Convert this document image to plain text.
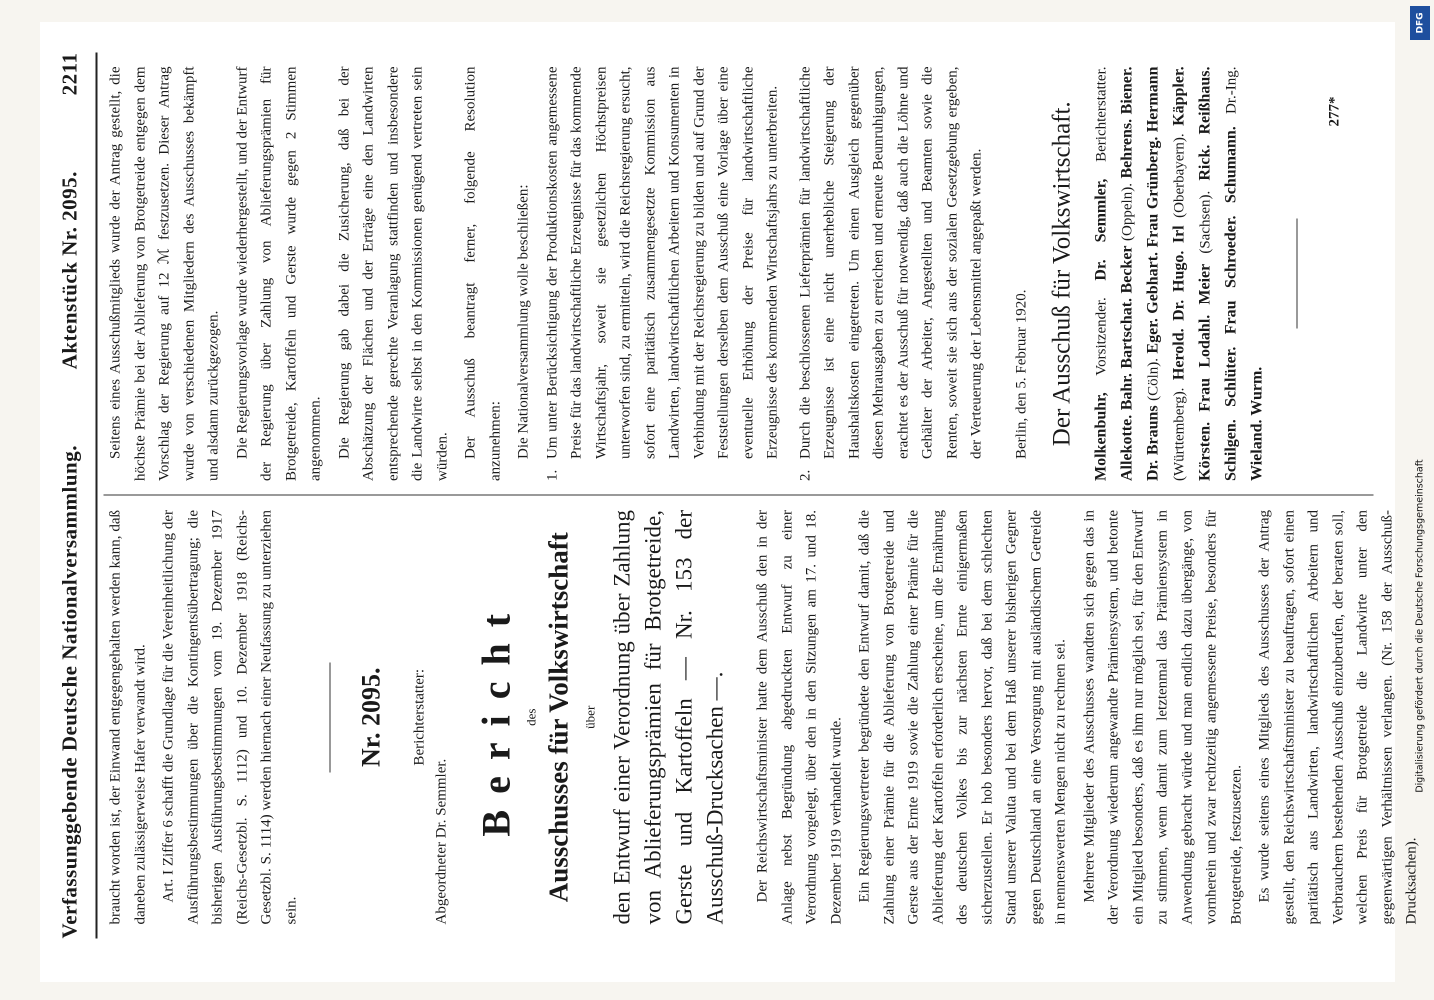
Verfassunggebende Deutsche Nationalversammlung.
Aktenstück Nr. 2095.
2211

braucht worden ist, der Einwand entgegengehalten werden kann, daß daneben zulässigerweise Hafer verwandt wird. Art. I Ziffer 6 schafft die Grundlage für die Vereinheitlichung der Ausführungsbestimmungen über die Kontingentsübertragung; die bisherigen Ausführungsbestimmungen vom 19. Dezember 1917 (Reichs-Gesetzbl. S. 1112) und 10. Dezember 1918 (Reichs-Gesetzbl. S. 1114) werden hiernach einer Neufassung zu unterziehen sein.

Nr. 2095. Berichterstatter:
Abgeordneter Dr. Semmler.
Bericht des Ausschusses für Volkswirtschaft über den Entwurf einer Verordnung über Zahlung von Ablieferungsprämien für Brotgetreide, Gerste und Kartoffeln — Nr. 153 der Ausschuß-Drucksachen —. Der Reichswirtschaftsminister hatte dem Ausschuß den in der Anlage nebst Begründung abgedruckten Entwurf zu einer Verordnung vorgelegt, über den in den Sitzungen am 17. und 18. Dezember 1919 verhandelt wurde. Ein Regierungsvertreter begründete den Entwurf damit, daß die Zahlung einer Prämie für die Ablieferung von Brotgetreide und Gerste aus der Ernte 1919 sowie die Zahlung einer Prämie für die Ablieferung der Kartoffeln erforderlich erscheine, um die Ernährung des deutschen Volkes bis zur nächsten Ernte einigermaßen sicherzustellen. Er hob besonders hervor, daß bei dem schlechten Stand unserer Valuta und bei dem Haß unserer bisherigen Gegner gegen Deutschland an eine Versorgung mit ausländischem Getreide in nennenswerten Mengen nicht zu rechnen sei. Mehrere Mitglieder des Ausschusses wandten sich gegen das in der Verordnung wiederum angewandte Prämiensystem, und betonte ein Mitglied besonders, daß es ihm nur möglich sei, für den Entwurf zu stimmen, wenn damit zum letztenmal das Prämiensystem in Anwendung gebracht würde und man endlich dazu übergänge, von vornherein und zwar rechtzeitig angemessene Preise, besonders für Brotgetreide, festzusetzen. Es wurde seitens eines Mitglieds des Ausschusses der Antrag gestellt, den Reichswirtschaftsminister zu beauftragen, sofort einen paritätisch aus Landwirten, landwirtschaftlichen Arbeitern und Verbrauchern bestehenden Ausschuß einzuberufen, der beraten soll, welchen Preis für Brotgetreide die Landwirte unter den gegenwärtigen Verhältnissen verlangen. (Nr. 158 der Ausschuß-Drucksachen).

Seitens eines Ausschußmitglieds wurde der Antrag gestellt, die höchste Prämie bei der Ablieferung von Brotgetreide entgegen dem Vorschlag der Regierung auf 12 ℳ festzusetzen. Dieser Antrag wurde von verschiedenen Mitgliedern des Ausschusses bekämpft und alsdann zurückgezogen. Die Regierungsvorlage wurde wiederhergestellt, und der Entwurf der Regierung über Zahlung von Ablieferungsprämien für Brotgetreide, Kartoffeln und Gerste wurde gegen 2 Stimmen angenommen. Die Regierung gab dabei die Zusicherung, daß bei der Abschätzung der Flächen und der Erträge eine den Landwirten entsprechende gerechte Veranlagung stattfinden und insbesondere die Landwirte selbst in den Kommissionen genügend vertreten sein würden. Der Ausschuß beantragt ferner, folgende Resolution anzunehmen: Die Nationalversammlung wolle beschließen:

1.

Um unter Berücksichtigung der Produktionskosten angemessene Preise für das landwirtschaftliche Erzeugnisse für das kommende Wirtschaftsjahr, soweit sie gesetzlichen Höchstpreisen unterworfen sind, zu ermitteln, wird die Reichsregierung ersucht, sofort eine paritätisch zusammengesetzte Kommission aus Landwirten, landwirtschaftlichen Arbeitern und Konsumenten in Verbindung mit der Reichsregierung zu bilden und auf Grund der Feststellungen derselben dem Ausschuß eine Vorlage über eine eventuelle Erhöhung der Preise für landwirtschaftliche Erzeugnisse des kommenden Wirtschaftsjahrs zu unterbreiten.

2.

Durch die beschlossenen Lieferprämien für landwirtschaftliche Erzeugnisse ist eine nicht unerhebliche Steigerung der Haushaltskosten eingetreten. Um einen Ausgleich gegenüber diesen Mehrausgaben zu erreichen und erneute Beunruhigungen, erachtet es der Ausschuß für notwendig, daß auch die Löhne und Gehälter der Arbeiter, Angestellten und Beamten sowie die Renten, soweit sie sich aus der sozialen Gesetzgebung ergeben, der Verteuerung der Lebensmittel angepaßt werden.	Berlin, den 5. Februar 1920. Der Ausschuß für Volkswirtschaft. Molkenbuhr, Vorsitzender. Dr. Semmler, Berichterstatter. Allekotte. Bahr. Bartschat. Becker (Oppeln). Behrens. Biener. Dr. Brauns (Cöln). Eger. Gebhart. Frau Grünberg. Hermann (Württemberg). Herold. Dr. Hugo. Irl (Oberbayern). Käppler. Körsten. Frau Lodahl. Meier (Sachsen). Rick. Reißhaus. Schilgen. Schlüter. Frau Schroeder. Schumann. Dr.-Ing. Wieland. Wurm.
277*
DFG
Digitalisierung gefördert durch die Deutsche Forschungsgemeinschaft
